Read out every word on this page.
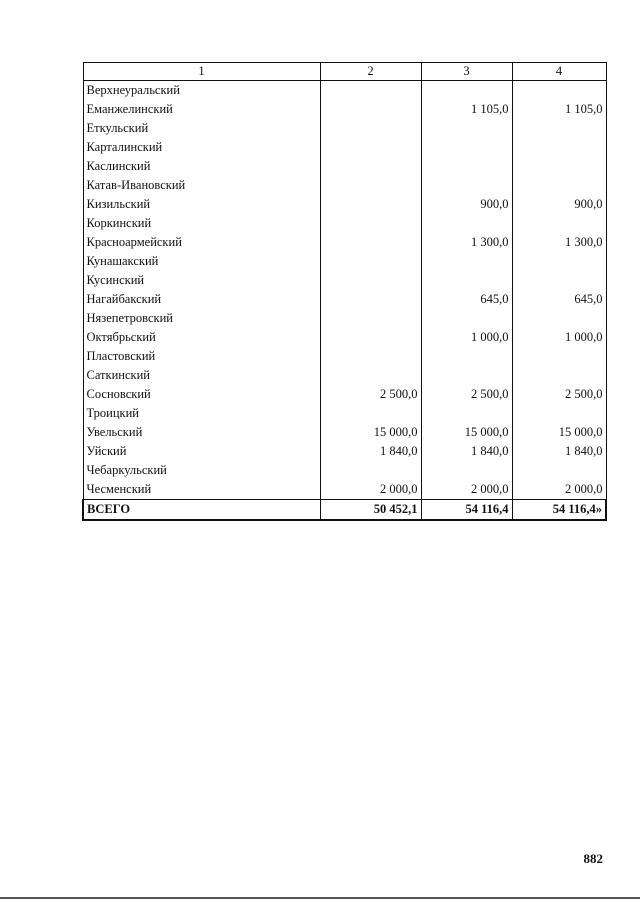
1	2	3	4
Верхнеуральский			
Еманжелинский		1 105,0	1 105,0
Еткульский			
Карталинский			
Каслинский			
Катав-Ивановский			
Кизильский		900,0	900,0
Коркинский			
Красноармейский		1 300,0	1 300,0
Кунашакский			
Кусинский			
Нагайбакский		645,0	645,0
Нязепетровский			
Октябрьский		1 000,0	1 000,0
Пластовский			
Саткинский			
Сосновский	2 500,0	2 500,0	2 500,0
Троицкий			
Увельский	15 000,0	15 000,0	15 000,0
Уйский	1 840,0	1 840,0	1 840,0
Чебаркульский			
Чесменский	2 000,0	2 000,0	2 000,0
ВСЕГО	50 452,1	54 116,4	54 116,4»
882
